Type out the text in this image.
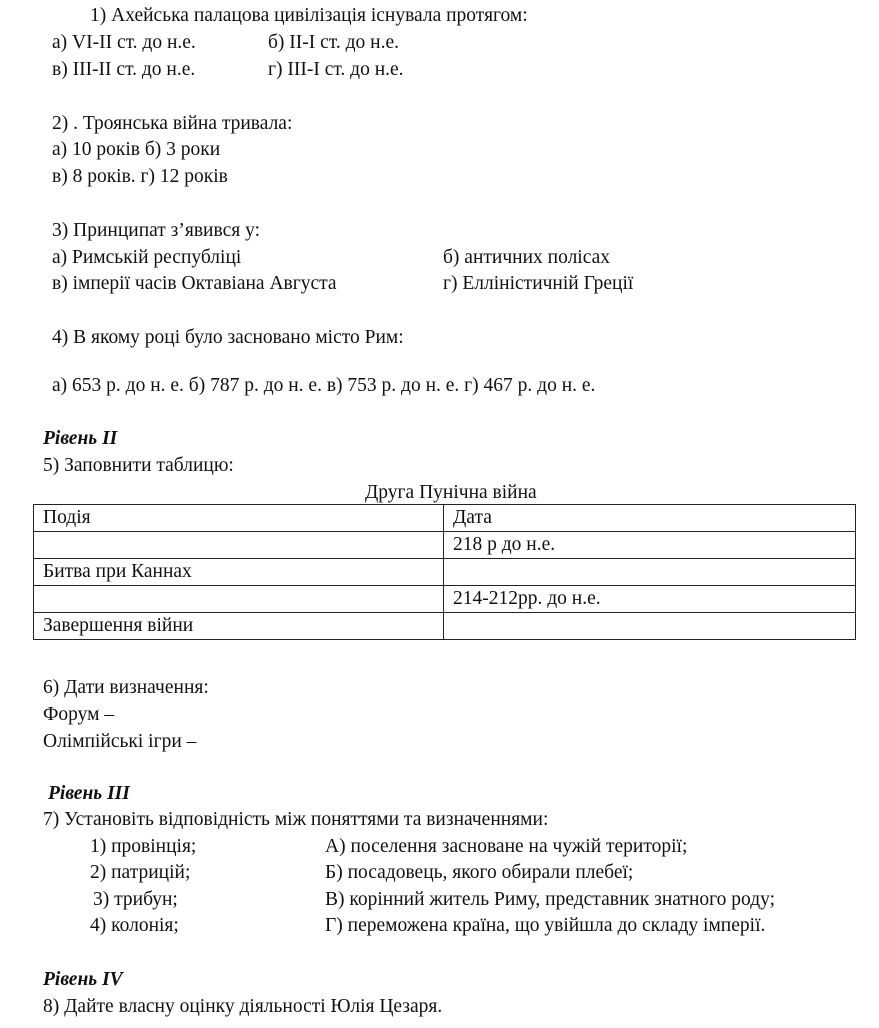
1) Ахейська палацова цивілізація існувала протягом:
а) VI-II ст. до н.е.	б) II-I ст. до н.е.
в) III-II ст. до н.е.	г) III-I ст. до н.е.
2) . Троянська війна тривала:
а) 10 років б) 3 роки
в) 8 років. г) 12 років
3) Принципат з’явився у:
а) Римській республіці	б) античних полісах
в) імперії часів Октавіана Августа	г) Елліністичній Греції
4) В якому році було засновано місто Рим:
а) 653 р. до н. е. б) 787 р. до н. е. в) 753 р. до н. е. г) 467 р. до н. е.
Рівень II
5) Заповнити таблицю:
Друга Пунічна війна
Подія	Дата
	218 р до н.е.
Битва при Каннах	
	214-212рр. до н.е.
Завершення війни	
6) Дати визначення:
Форум –
Олімпійські ігри –
Рівень III
7) Установіть відповідність між поняттями та визначеннями:
1) провінція;	А) поселення засноване на чужій території;
2) патрицій;	Б) посадовець, якого обирали плебеї;
3) трибун;	В) корінний житель Риму, представник знатного роду;
4) колонія;	Г) переможена країна, що увійшла до складу імперії.
Рівень IV
8) Дайте власну оцінку діяльності Юлія Цезаря.
